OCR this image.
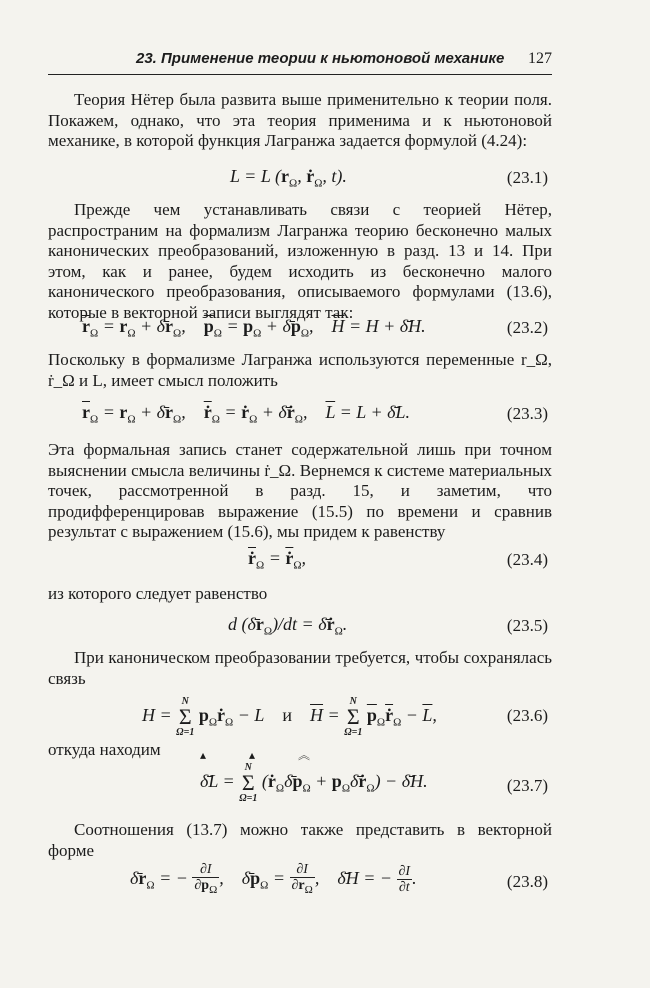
23. Применение теории к ньютоновой механике 127

Теория Нётер была развита выше применительно к теории поля. Покажем, однако, что эта теория применима и к ньютоновой механике, в которой функция Лагранжа задается формулой (4.24):

L = L ($r_\Omega$, ṙ$_\Omega$, t).	(23.1)

Прежде чем устанавливать связи с теорией Нётер, распространим на формализм Лагранжа теорию бесконечно малых канонических преобразований, изложенную в разд. 13 и 14. При этом, как и ранее, будем исходить из бесконечно малого канонического преобразования, описываемого формулами (13.6), которые в векторной записи выглядят так:

$\overline{r}_\Omega = r_\Omega$ + $\deltār_\Omega$,    $\overline{p}_\Omega = p_\Omega$ + $\deltāp_\Omega$,    $\overline{H} = H$ + δ̄H.	(23.2)

Поскольку в формализме Лагранжа используются переменные r_Ω, ṙ_Ω и L, имеет смысл положить

$\overline{r}_\Omega = r_\Omega$ + $\deltār_\Omega$,    $\overline{ṙ}_\Omega$ = ṙ$_\Omega$ + δ̄ṙ$_\Omega$,    $\overline{L} = L$ + δ̄L.	(23.3)

Эта формальная запись станет содержательной лишь при точном выяснении смысла величины ṙ_Ω. Вернемся к системе материальных точек, рассмотренной в разд. 15, и заметим, что продифференцировав выражение (15.5) по времени и сравнив результат с выражением (15.6), мы придем к равенству

$\overline{ṙ}_\Omega = \overline{ṙ}_\Omega$,	(23.4)

из которого следует равенство

d $(\deltār_\Omega)/dt$ = δ̄ṙ$_\Omega$.	(23.5)

При каноническом преобразовании требуется, чтобы сохранялась связь

H =
N
Σ
Ω=1
$p_\Omega ṙ_\Omega - L$    и $\overline{H}$ =
N
Σ
Ω=1
$\overline{p}_\Omega\overline{ṙ}_\Omega - \overline{L}$,	(23.6)

откуда находим	▴ ▴ ︽
δ̄L =
N
Σ
Ω=1
($ṙ_\Omega\deltāp_\Omega$ + $p_\Omega\deltāṙ_\Omega$) − δ̄H.	(23.7)

Соотношения (13.7) можно также представить в векторной форме

$\deltār_\Omega$ = − $\frac{\partial I}{\partial p_\Omega}$ ,    $\deltāp_\Omega = \frac{\partial I}{\partial r_\Omega}$ ,    δ̄H = − $\frac{\partial I}{\partial t}$ .	(23.8)
